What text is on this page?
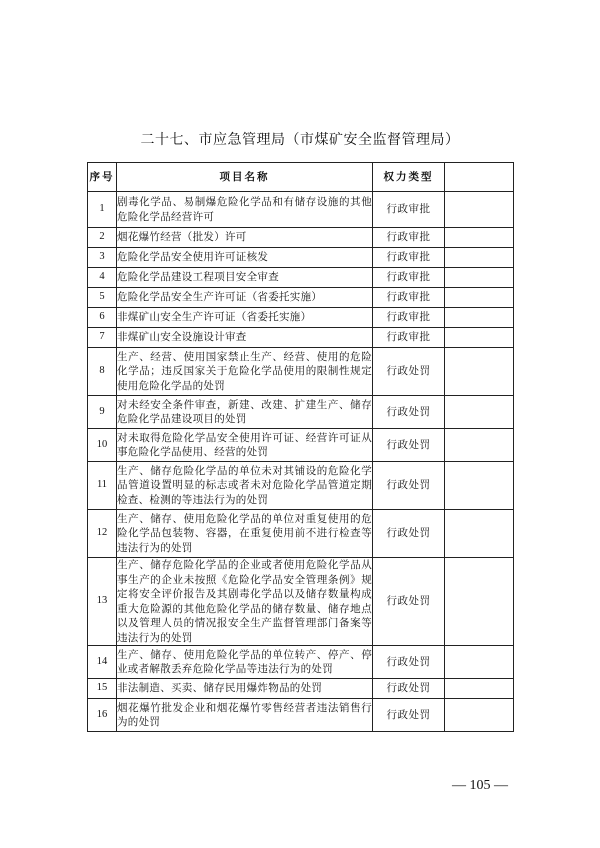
二十七、市应急管理局（市煤矿安全监督管理局）
序号	项目名称	权力类型	
1	剧毒化学品、易制爆危险化学品和有储存设施的其他危险化学品经营许可	行政审批	
2	烟花爆竹经营（批发）许可	行政审批	
3	危险化学品安全使用许可证核发	行政审批	
4	危险化学品建设工程项目安全审查	行政审批	
5	危险化学品安全生产许可证（省委托实施）	行政审批	
6	非煤矿山安全生产许可证（省委托实施）	行政审批	
7	非煤矿山安全设施设计审查	行政审批	
8	生产、经营、使用国家禁止生产、经营、使用的危险化学品；违反国家关于危险化学品使用的限制性规定使用危险化学品的处罚	行政处罚	
9	对未经安全条件审查，新建、改建、扩建生产、储存危险化学品建设项目的处罚	行政处罚	
10	对未取得危险化学品安全使用许可证、经营许可证从事危险化学品使用、经营的处罚	行政处罚	
11	生产、储存危险化学品的单位未对其铺设的危险化学品管道设置明显的标志或者未对危险化学品管道定期检查、检测的等违法行为的处罚	行政处罚	
12	生产、储存、使用危险化学品的单位对重复使用的危险化学品包装物、容器，在重复使用前不进行检查等违法行为的处罚	行政处罚	
13	生产、储存危险化学品的企业或者使用危险化学品从事生产的企业未按照《危险化学品安全管理条例》规定将安全评价报告及其剧毒化学品以及储存数量构成重大危险源的其他危险化学品的储存数量、储存地点以及管理人员的情况报安全生产监督管理部门备案等违法行为的处罚	行政处罚	
14	生产、储存、使用危险化学品的单位转产、停产、停业或者解散丢弃危险化学品等违法行为的处罚	行政处罚	
15	非法制造、买卖、储存民用爆炸物品的处罚	行政处罚	
16	烟花爆竹批发企业和烟花爆竹零售经营者违法销售行为的处罚	行政处罚	
— 105 —
